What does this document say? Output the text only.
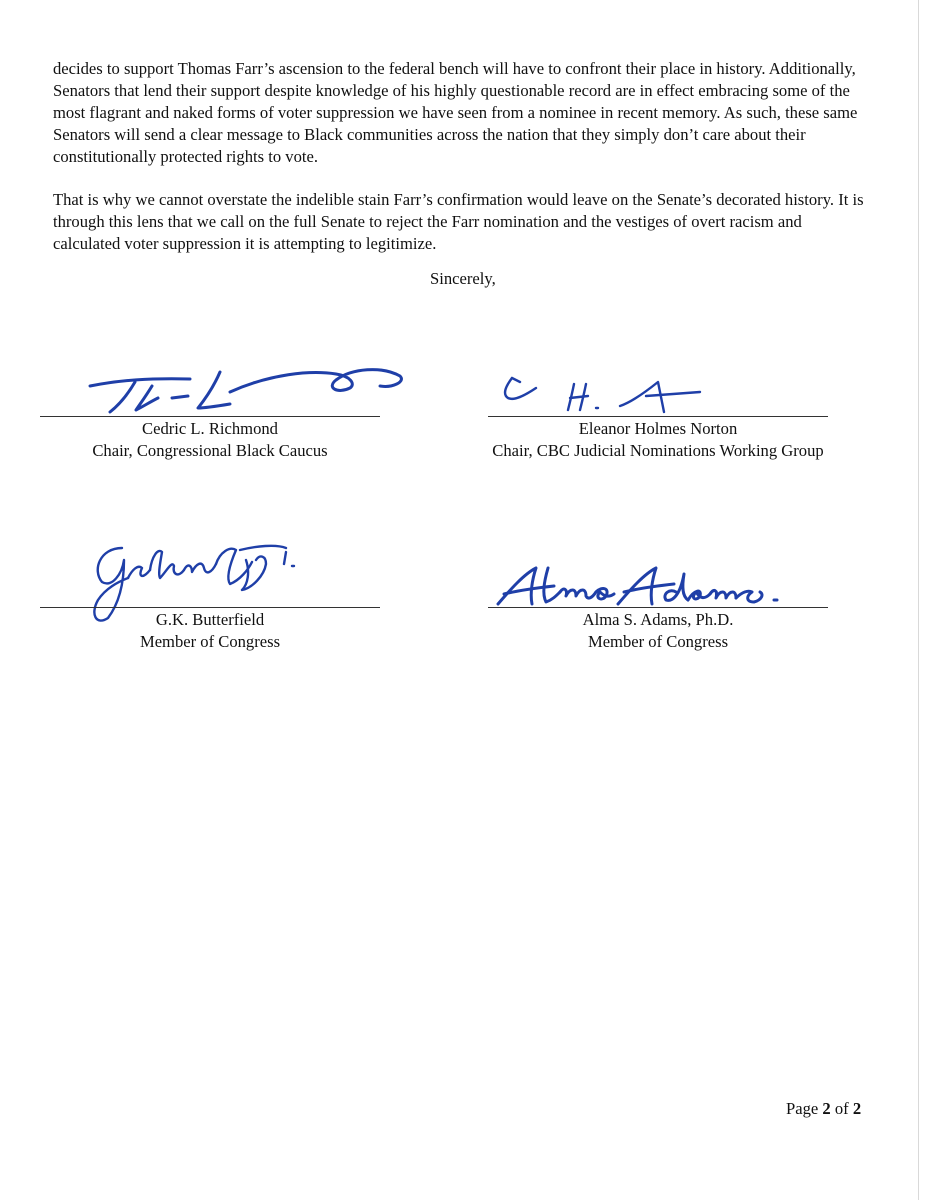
decides to support Thomas Farr’s ascension to the federal bench will have to confront their place in history. Additionally, Senators that lend their support despite knowledge of his highly questionable record are in effect embracing some of the most flagrant and naked forms of voter suppression we have seen from a nominee in recent memory. As such, these same Senators will send a clear message to Black communities across the nation that they simply don’t care about their constitutionally protected rights to vote.

That is why we cannot overstate the indelible stain Farr’s confirmation would leave on the Senate’s decorated history. It is through this lens that we call on the full Senate to reject the Farr nomination and the vestiges of overt racism and calculated voter suppression it is attempting to legitimize.

Sincerely,

Cedric L. Richmond

Chair, Congressional Black Caucus

Eleanor Holmes Norton

Chair, CBC Judicial Nominations Working Group

G.K. Butterfield

Member of Congress

Alma S. Adams, Ph.D.

Member of Congress

Page 2 of 2
